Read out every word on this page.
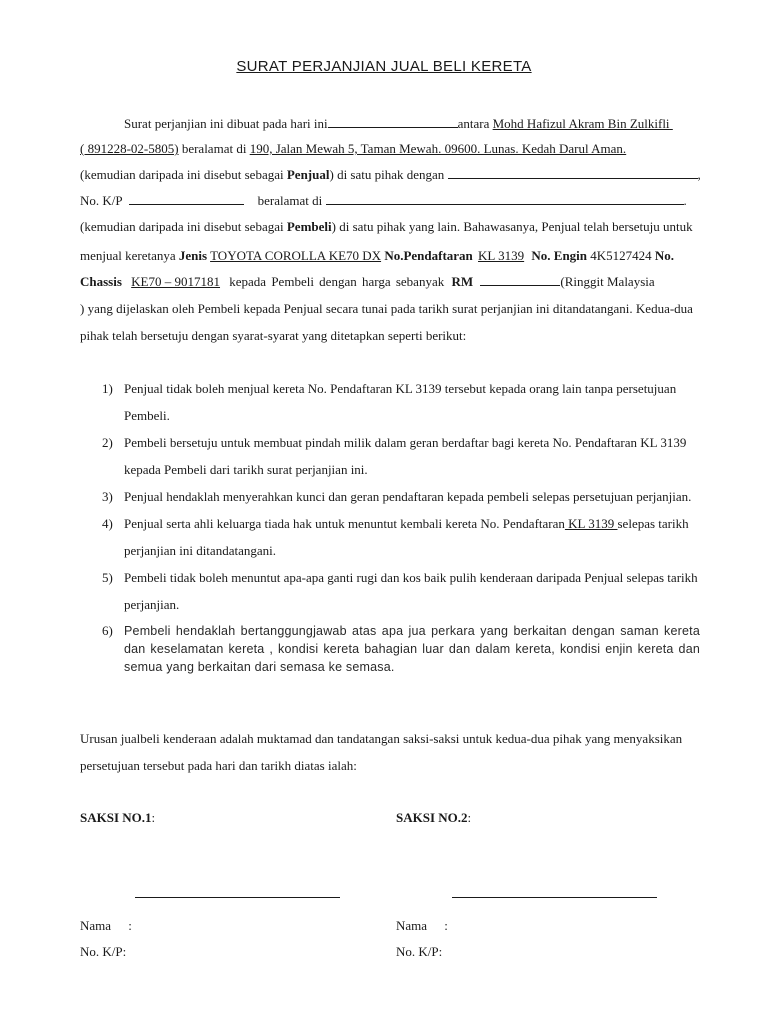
SURAT PERJANJIAN JUAL BELI KERETA
Surat perjanjian ini dibuat pada hari ini	antara Mohd Hafizul Akram Bin Zulkifli
( 891228-02-5805) beralamat di 190, Jalan Mewah 5, Taman Mewah. 09600. Lunas. Kedah Darul Aman.
(kemudian daripada ini disebut sebagai Penjual) di satu pihak dengan	,
No. K/P	beralamat di	.
(kemudian daripada ini disebut sebagai Pembeli) di satu pihak yang lain. Bahawasanya, Penjual telah bersetuju untuk
menjual keretanya Jenis TOYOTA COROLLA KE70 DX No.Pendaftaran KL 3139 No. Engin 4K5127424 No.
Chassis KE70 – 9017181 kepada Pembeli dengan harga sebanyak RM	(Ringgit Malaysia
) yang dijelaskan oleh Pembeli kepada Penjual secara tunai pada tarikh surat perjanjian ini ditandatangani. Kedua-dua
pihak telah bersetuju dengan syarat-syarat yang ditetapkan seperti berikut:
1) Penjual tidak boleh menjual kereta No. Pendaftaran KL 3139 tersebut kepada orang lain tanpa persetujuan
Pembeli.
2) Pembeli bersetuju untuk membuat pindah milik dalam geran berdaftar bagi kereta No. Pendaftaran KL 3139
kepada Pembeli dari tarikh surat perjanjian ini.
3) Penjual hendaklah menyerahkan kunci dan geran pendaftaran kepada pembeli selepas persetujuan perjanjian.
4) Penjual serta ahli keluarga tiada hak untuk menuntut kembali kereta No. Pendaftaran KL 3139 selepas tarikh
perjanjian ini ditandatangani.
5) Pembeli tidak boleh menuntut apa-apa ganti rugi dan kos baik pulih kenderaan daripada Penjual selepas tarikh
perjanjian.
6) Pembeli hendaklah bertanggungjawab atas apa jua perkara yang berkaitan dengan saman kereta dan keselamatan kereta , kondisi kereta bahagian luar dan dalam kereta, kondisi enjin kereta dan semua yang berkaitan dari semasa ke semasa.
Urusan jualbeli kenderaan adalah muktamad dan tandatangan saksi-saksi untuk kedua-dua pihak yang menyaksikan
persetujuan tersebut pada hari dan tarikh diatas ialah:
SAKSI NO.1:	SAKSI NO.2:
Nama :	Nama :
No. K/P:	No. K/P:
